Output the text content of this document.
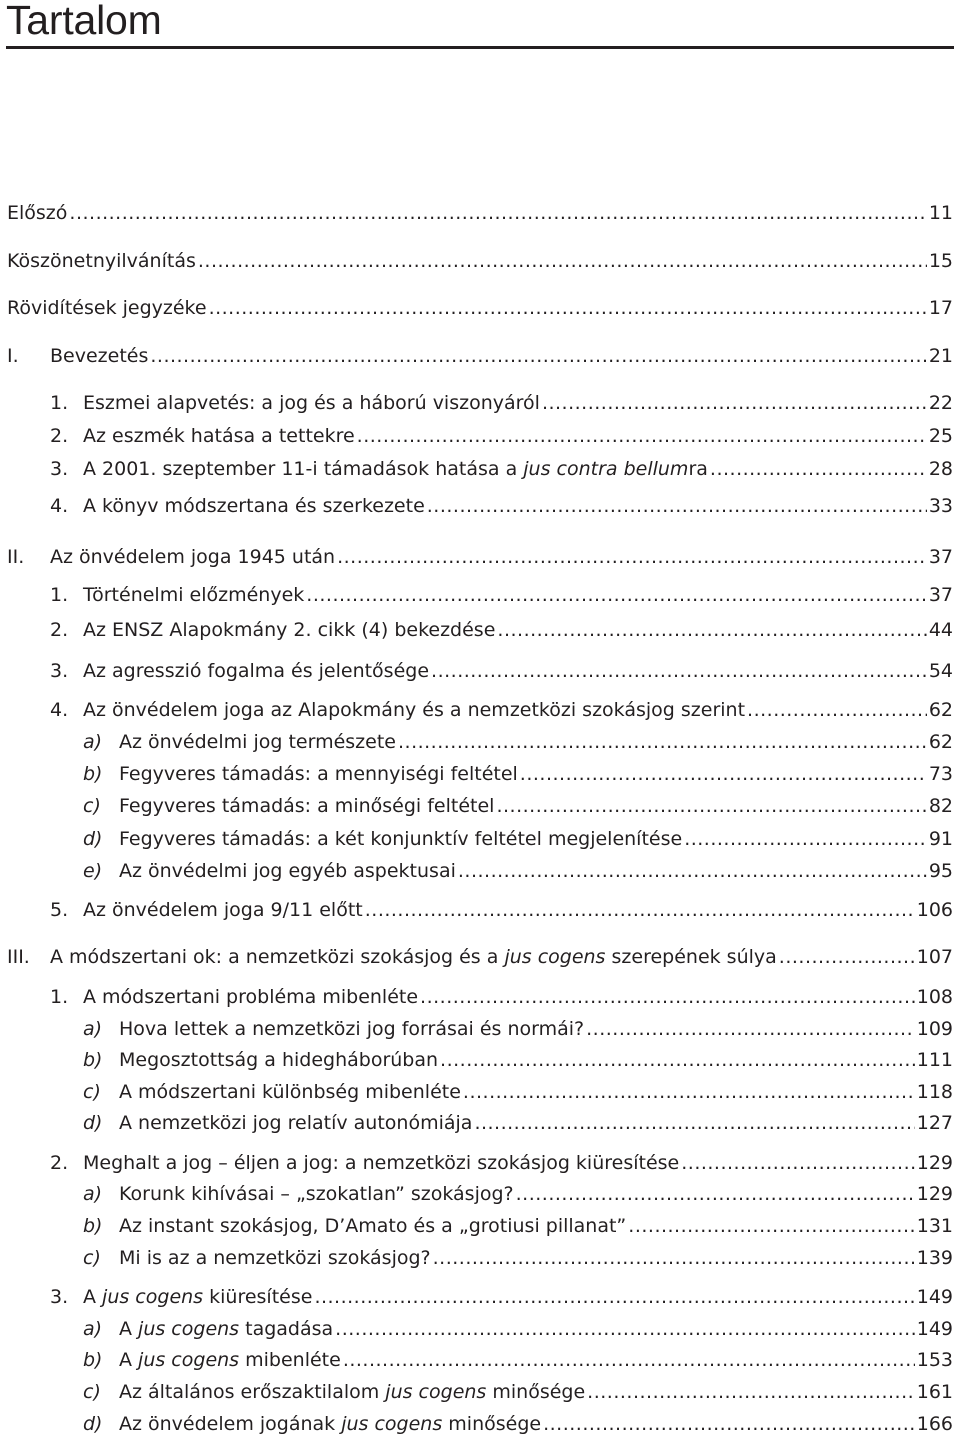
Tartalom
Előszó .....	11
Köszönetnyilvánítás .....	15
Rövidítések jegyzéke .....	17
I. Bevezetés .....	21
1. Eszmei alapvetés: a jog és a háború viszonyáról .....	22
2. Az eszmék hatása a tettekre .....	25
3. A 2001. szeptember 11-i támadások hatása a jus contra bellumra .....	28
4. A könyv módszertana és szerkezete .....	33
II. Az önvédelem joga 1945 után .....	37
1. Történelmi előzmények .....	37
2. Az ENSZ Alapokmány 2. cikk (4) bekezdése .....	44
3. Az agresszió fogalma és jelentősége .....	54
4. Az önvédelem joga az Alapokmány és a nemzetközi szokásjog szerint .....	62
a) Az önvédelmi jog természete .....	62
b) Fegyveres támadás: a mennyiségi feltétel .....	73
c) Fegyveres támadás: a minőségi feltétel .....	82
d) Fegyveres támadás: a két konjunktív feltétel megjelenítése .....	91
e) Az önvédelmi jog egyéb aspektusai .....	95
5. Az önvédelem joga 9/11 előtt .....	106
III. A módszertani ok: a nemzetközi szokásjog és a jus cogens szerepének súlya .....	107
1. A módszertani probléma mibenléte .....	108
a) Hova lettek a nemzetközi jog forrásai és normái? .....	109
b) Megosztottság a hidegháborúban .....	111
c) A módszertani különbség mibenléte .....	118
d) A nemzetközi jog relatív autonómiája .....	127
2. Meghalt a jog – éljen a jog: a nemzetközi szokásjog kiüresítése .....	129
a) Korunk kihívásai – „szokatlan” szokásjog? .....	129
b) Az instant szokásjog, D’Amato és a „grotiusi pillanat” .....	131
c) Mi is az a nemzetközi szokásjog? .....	139
3. A jus cogens kiüresítése .....	149
a) A jus cogens tagadása .....	149
b) A jus cogens mibenléte .....	153
c) Az általános erőszaktilalom jus cogens minősége .....	161
d) Az önvédelem jogának jus cogens minősége .....	166
